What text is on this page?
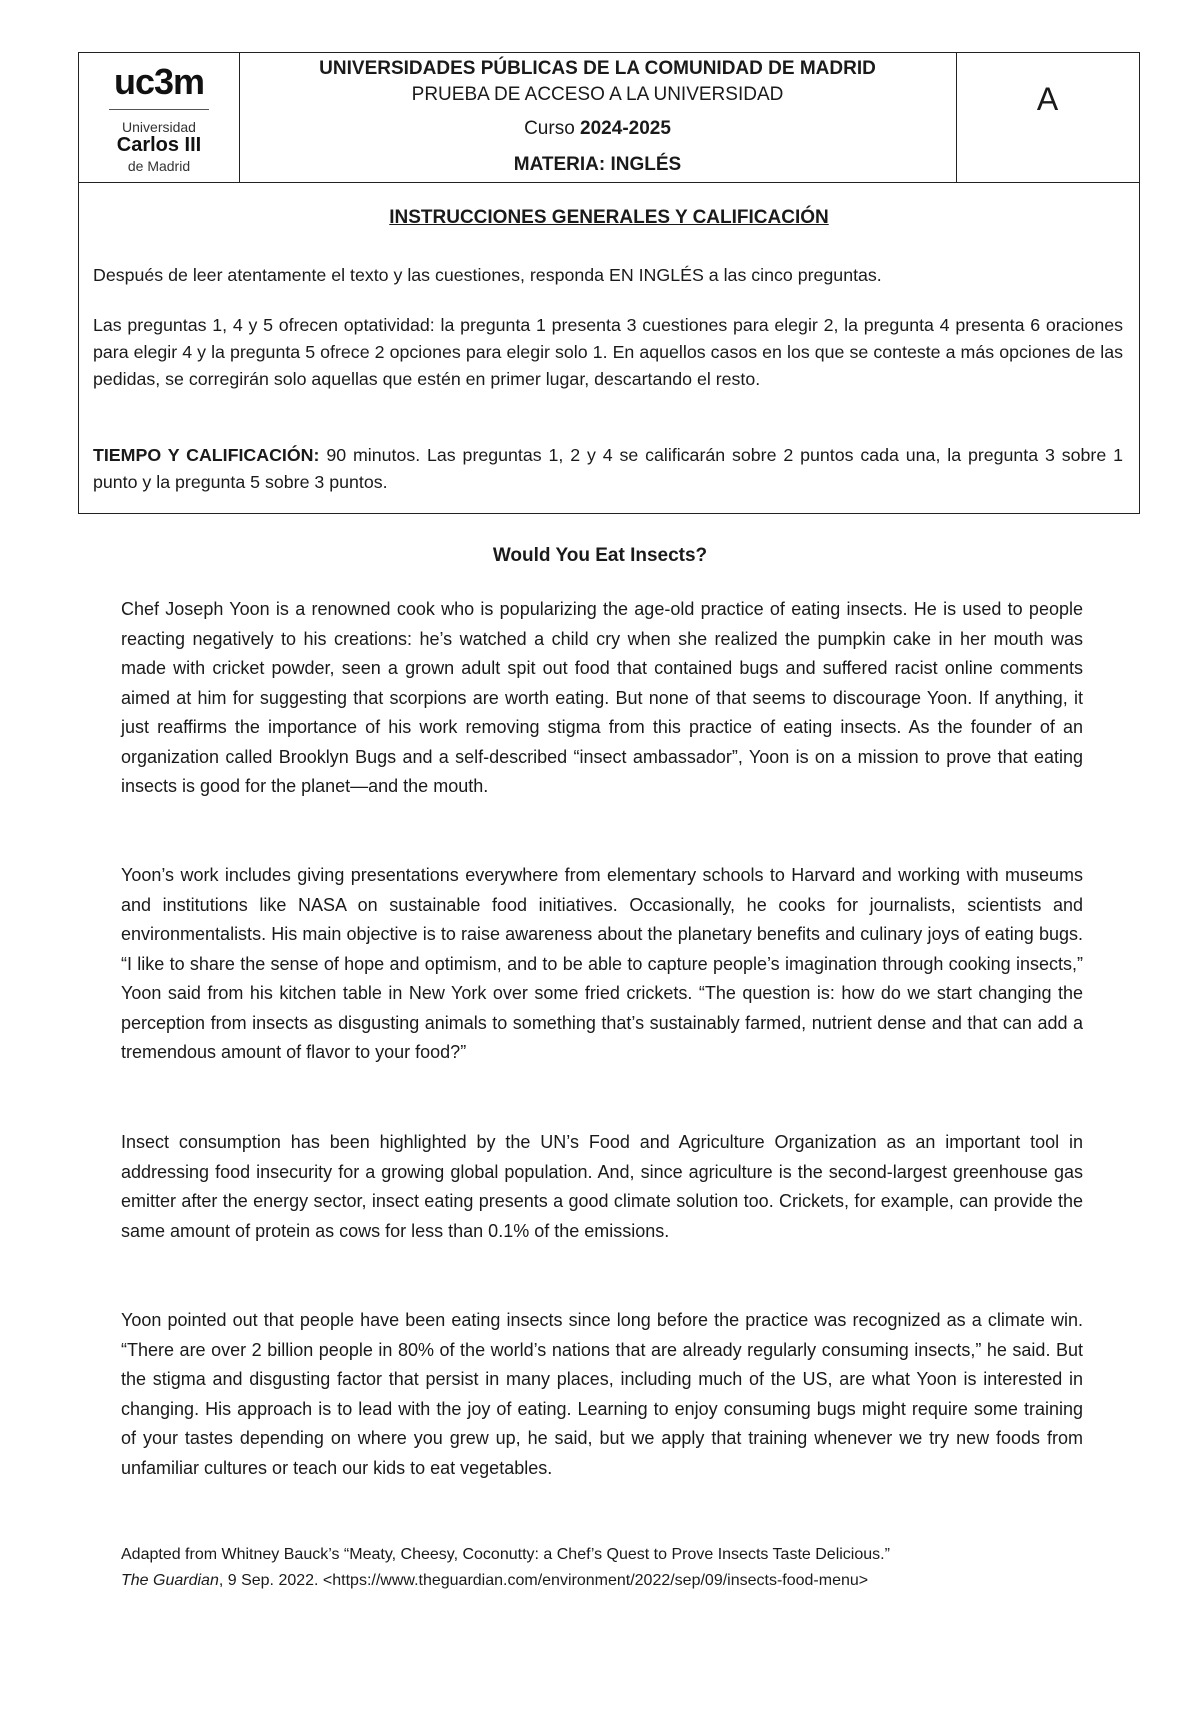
uc3m
Universidad
Carlos III
de Madrid
UNIVERSIDADES PÚBLICAS DE LA COMUNIDAD DE MADRID
PRUEBA DE ACCESO A LA UNIVERSIDAD
Curso 2024-2025
MATERIA: INGLÉS
A
INSTRUCCIONES GENERALES Y CALIFICACIÓN
Después de leer atentamente el texto y las cuestiones, responda EN INGLÉS a las cinco preguntas.
Las preguntas 1, 4 y 5 ofrecen optatividad: la pregunta 1 presenta 3 cuestiones para elegir 2, la pregunta 4 presenta 6 oraciones para elegir 4 y la pregunta 5 ofrece 2 opciones para elegir solo 1. En aquellos casos en los que se conteste a más opciones de las pedidas, se corregirán solo aquellas que estén en primer lugar, descartando el resto.
TIEMPO Y CALIFICACIÓN: 90 minutos. Las preguntas 1, 2 y 4 se calificarán sobre 2 puntos cada una, la pregunta 3 sobre 1 punto y la pregunta 5 sobre 3 puntos.
Would You Eat Insects?
Chef Joseph Yoon is a renowned cook who is popularizing the age-old practice of eating insects. He is used to people reacting negatively to his creations: he’s watched a child cry when she realized the pumpkin cake in her mouth was made with cricket powder, seen a grown adult spit out food that contained bugs and suffered racist online comments aimed at him for suggesting that scorpions are worth eating. But none of that seems to discourage Yoon. If anything, it just reaffirms the importance of his work removing stigma from this practice of eating insects. As the founder of an organization called Brooklyn Bugs and a self-described “insect ambassador”, Yoon is on a mission to prove that eating insects is good for the planet—and the mouth.
Yoon’s work includes giving presentations everywhere from elementary schools to Harvard and working with museums and institutions like NASA on sustainable food initiatives. Occasionally, he cooks for journalists, scientists and environmentalists. His main objective is to raise awareness about the planetary benefits and culinary joys of eating bugs. “I like to share the sense of hope and optimism, and to be able to capture people’s imagination through cooking insects,” Yoon said from his kitchen table in New York over some fried crickets. “The question is: how do we start changing the perception from insects as disgusting animals to something that’s sustainably farmed, nutrient dense and that can add a tremendous amount of flavor to your food?”
Insect consumption has been highlighted by the UN’s Food and Agriculture Organization as an important tool in addressing food insecurity for a growing global population. And, since agriculture is the second-largest greenhouse gas emitter after the energy sector, insect eating presents a good climate solution too. Crickets, for example, can provide the same amount of protein as cows for less than 0.1% of the emissions.
Yoon pointed out that people have been eating insects since long before the practice was recognized as a climate win. “There are over 2 billion people in 80% of the world’s nations that are already regularly consuming insects,” he said. But the stigma and disgusting factor that persist in many places, including much of the US, are what Yoon is interested in changing. His approach is to lead with the joy of eating. Learning to enjoy consuming bugs might require some training of your tastes depending on where you grew up, he said, but we apply that training whenever we try new foods from unfamiliar cultures or teach our kids to eat vegetables.
Adapted from Whitney Bauck’s “Meaty, Cheesy, Coconutty: a Chef’s Quest to Prove Insects Taste Delicious.”
The Guardian, 9 Sep. 2022. <https://www.theguardian.com/environment/2022/sep/09/insects-food-menu>
